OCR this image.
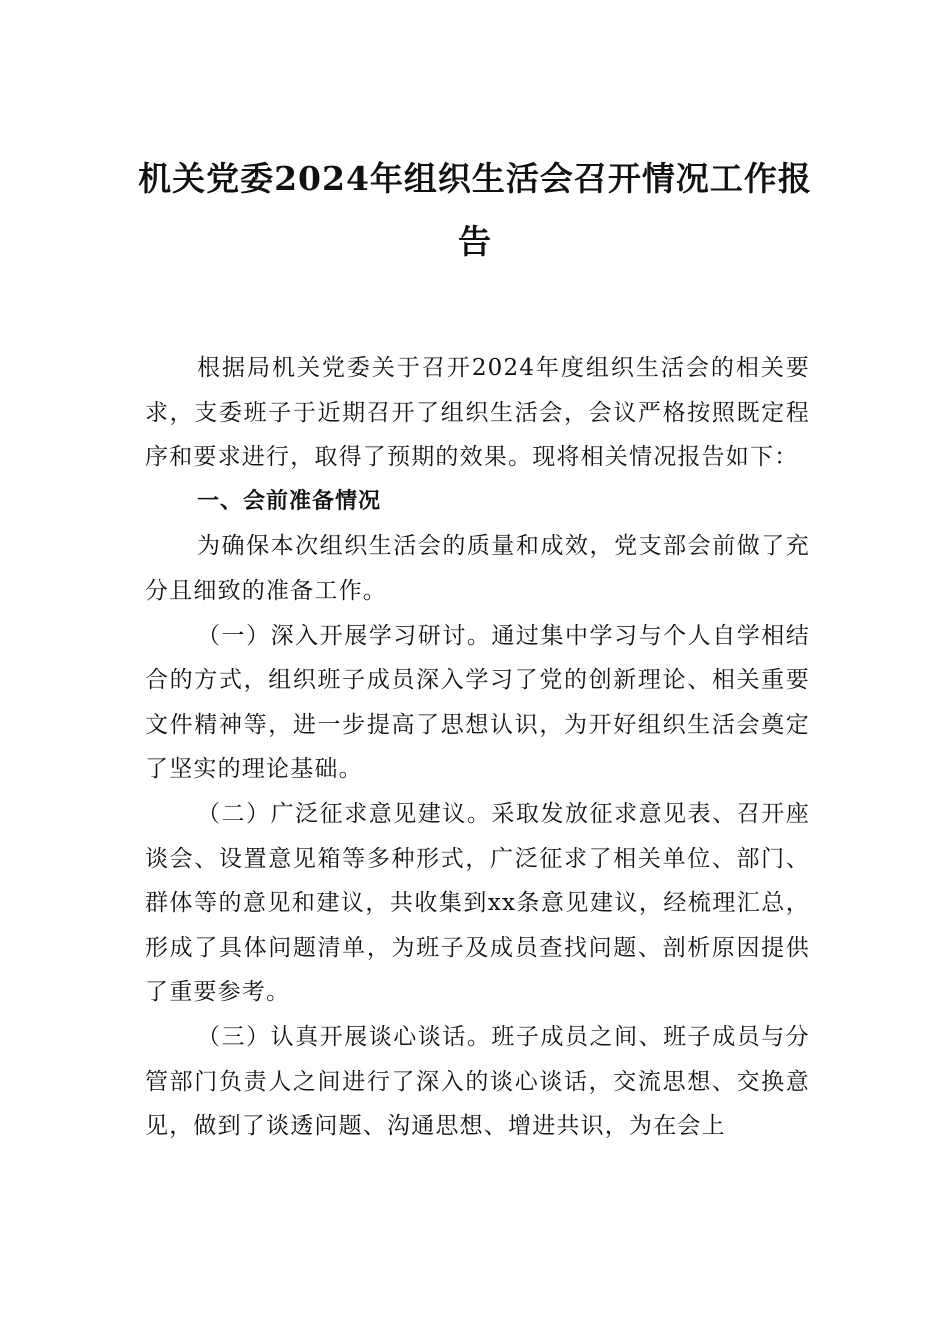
机关党委2024年组织生活会召开情况工作报告

根据局机关党委关于召开2024年度组织生活会的相关要求，支委班子于近期召开了组织生活会，会议严格按照既定程序和要求进行，取得了预期的效果。现将相关情况报告如下：

一、会前准备情况

为确保本次组织生活会的质量和成效，党支部会前做了充分且细致的准备工作。

（一）深入开展学习研讨。通过集中学习与个人自学相结合的方式，组织班子成员深入学习了党的创新理论、相关重要文件精神等，进一步提高了思想认识，为开好组织生活会奠定了坚实的理论基础。

（二）广泛征求意见建议。采取发放征求意见表、召开座谈会、设置意见箱等多种形式，广泛征求了相关单位、部门、群体等的意见和建议，共收集到xx条意见建议，经梳理汇总，形成了具体问题清单，为班子及成员查找问题、剖析原因提供了重要参考。

（三）认真开展谈心谈话。班子成员之间、班子成员与分管部门负责人之间进行了深入的谈心谈话，交流思想、交换意见，做到了谈透问题、沟通思想、增进共识，为在会上
